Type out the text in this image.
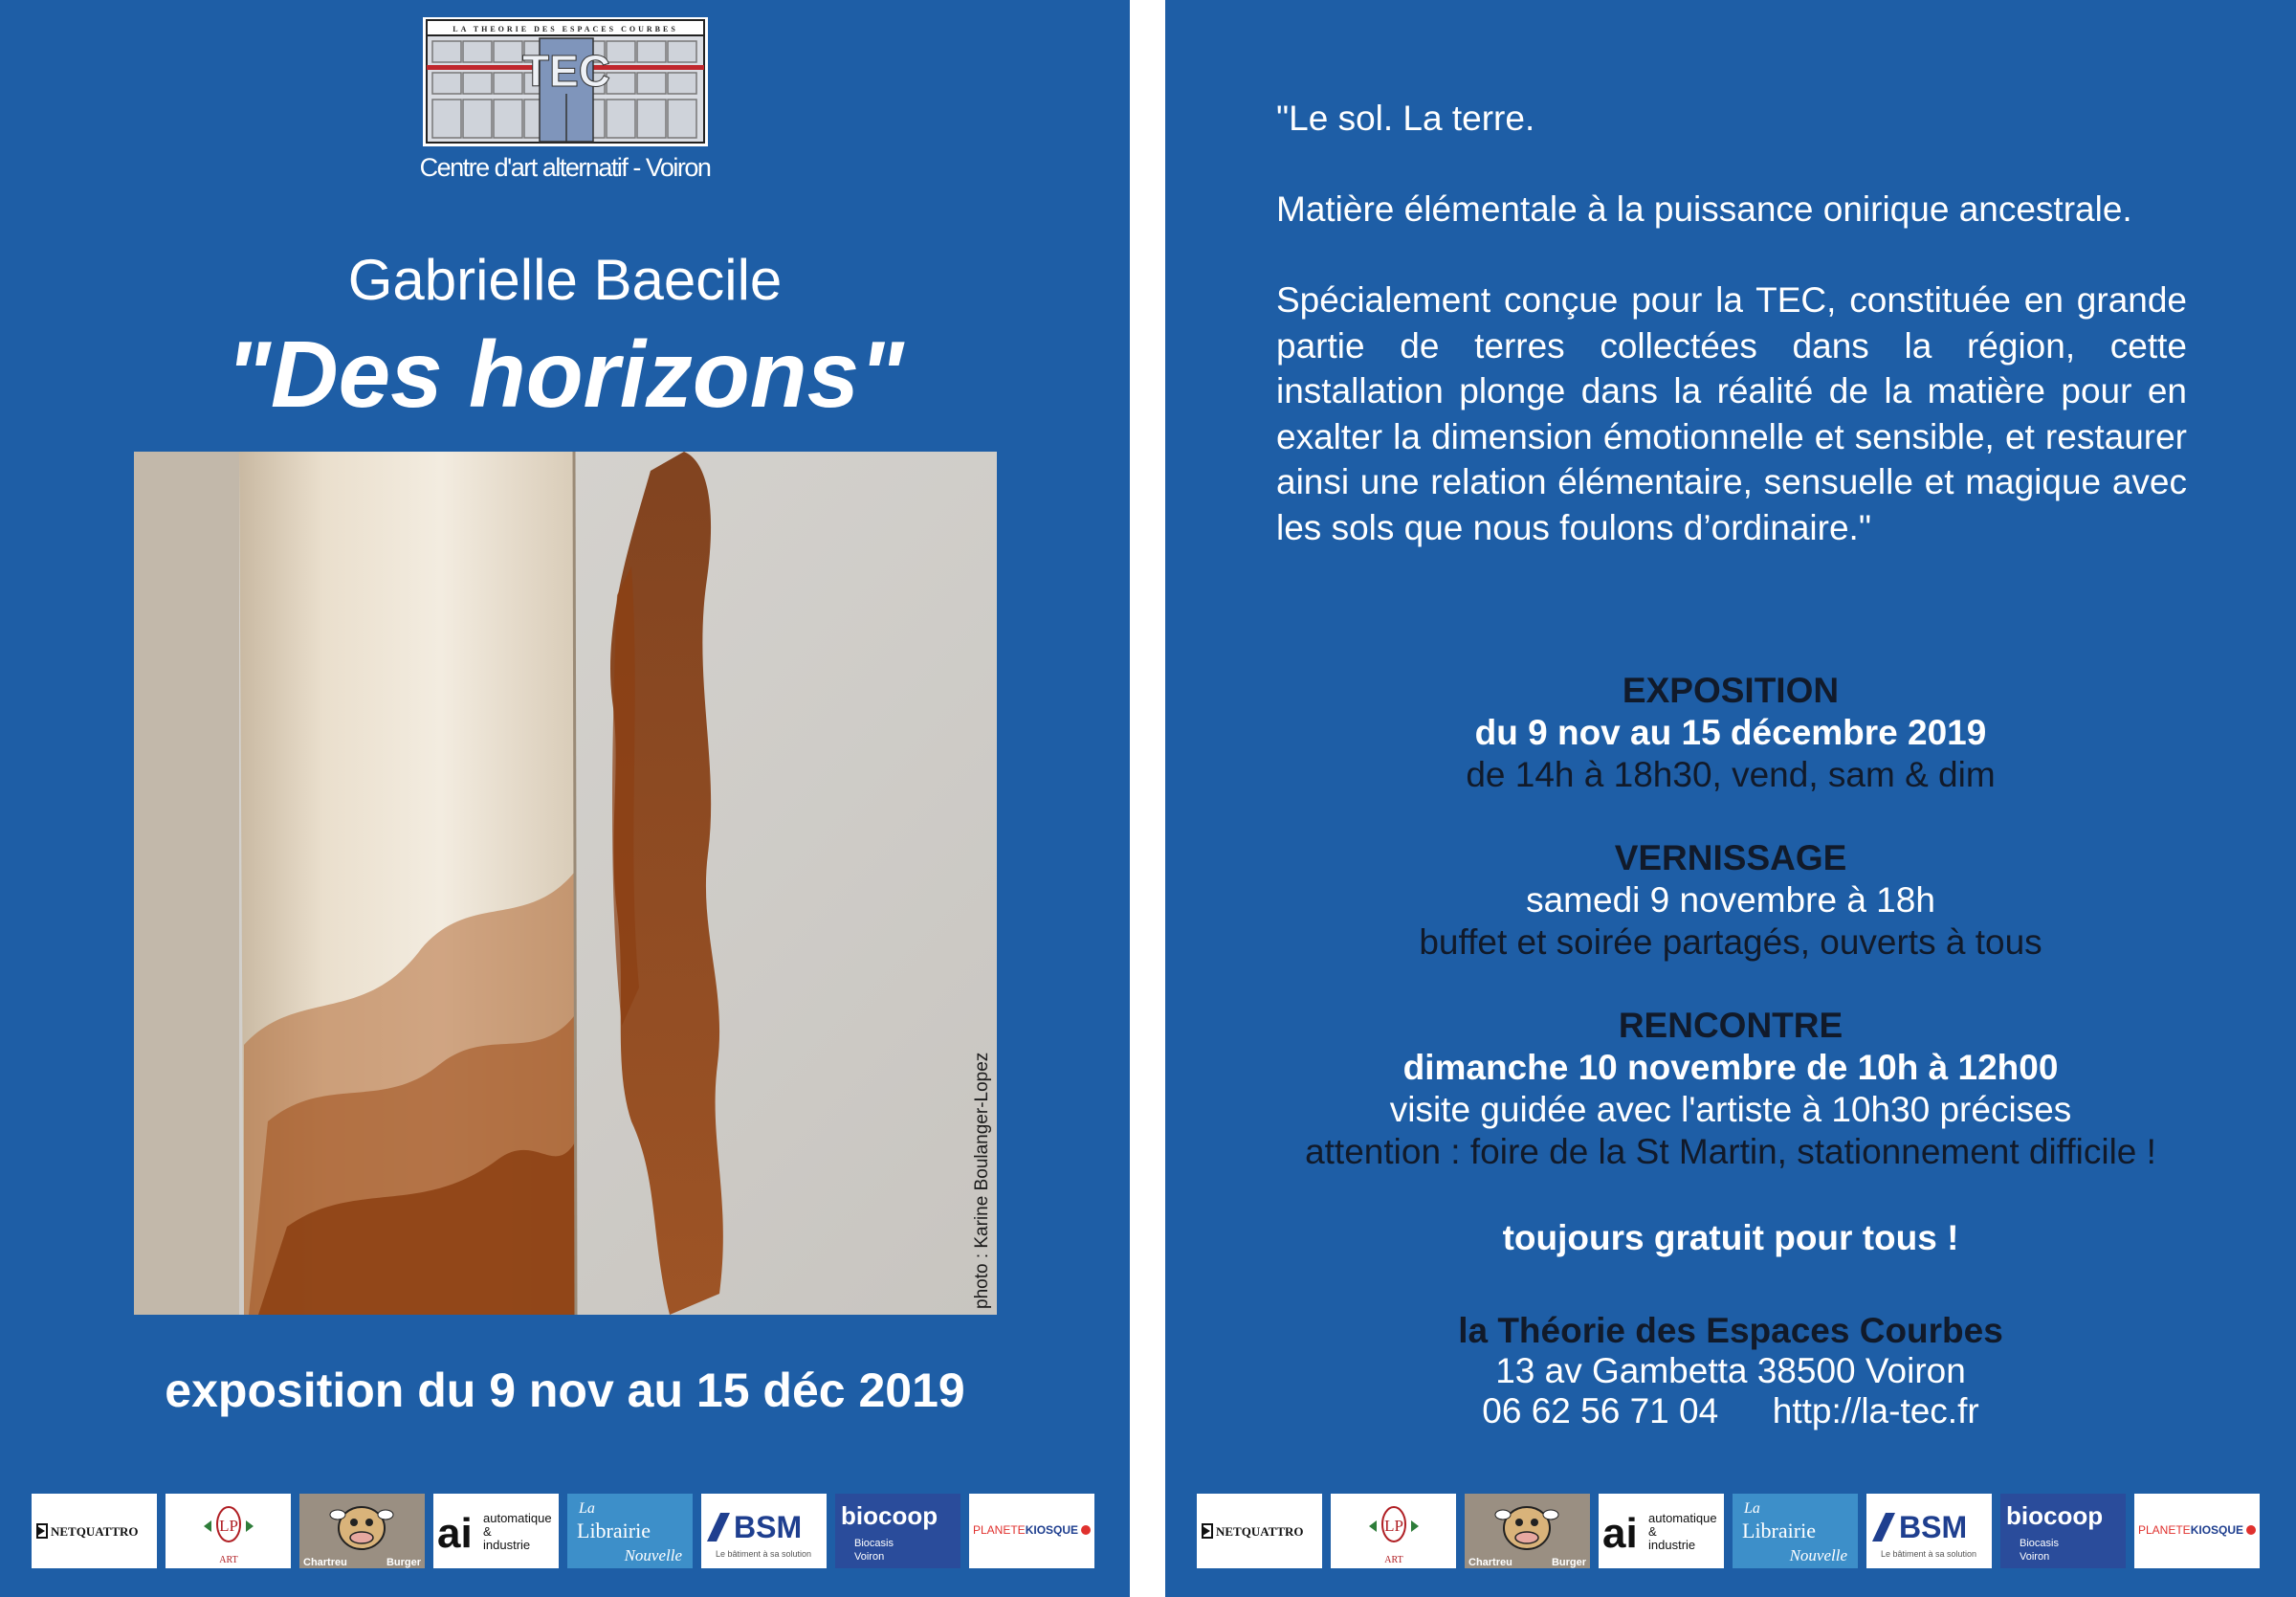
LA THEORIE DES ESPACES COURBES
TEC
Centre d'art alternatif - Voiron
Gabrielle Baecile
"Des horizons"
photo : Karine Boulanger-Lopez
exposition du 9 nov au 15 déc 2019

"Le sol. La terre.

Matière élémentale à la puissance onirique ancestrale.

Spécialement conçue pour la TEC, constituée en grande partie de terres collectées dans la région, cette installation plonge dans la réalité de la matière pour en exalter la dimension émotionnelle et sensible, et restaurer ainsi une relation élémentaire, sensuelle et magique avec les sols que nous foulons d’ordinaire."

EXPOSITION
du 9 nov au 15 décembre 2019
de 14h à 18h30, vend, sam & dim
VERNISSAGE
samedi 9 novembre à 18h
buffet et soirée partagés, ouverts à tous
RENCONTRE
dimanche 10 novembre de 10h à 12h00
visite guidée avec l'artiste à 10h30 précises
attention : foire de la St Martin, stationnement difficile !
toujours gratuit pour tous !
la Théorie des Espaces Courbes
13 av Gambetta 38500 Voiron
06 62 56 71 04 http://la-tec.fr
NETQUATTRO	LP
ART	Chartreu	Burger
ai automatique
&
industrie
La
Librairie
Nouvelle
BSM
Le bâtiment à sa solution
biocoop
Biocasis
Voiron
PLANETEKIOSQUE	NETQUATTRO	LP
ART	Chartreu	Burger
ai automatique
&
industrie
La
Librairie
Nouvelle
BSM
Le bâtiment à sa solution
biocoop
Biocasis
Voiron
PLANETEKIOSQUE
